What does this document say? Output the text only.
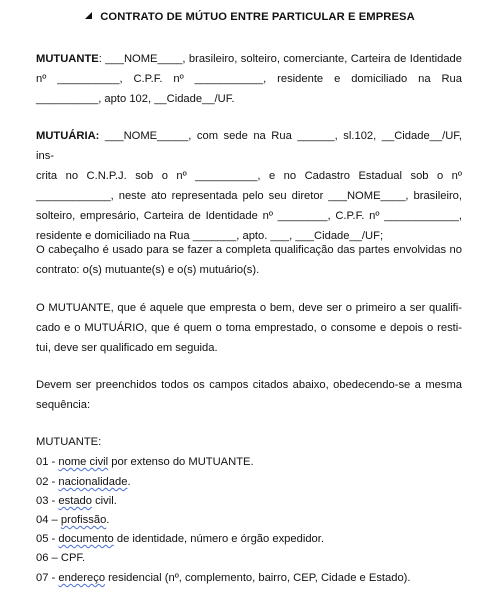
CONTRATO DE MÚTUO ENTRE PARTICULAR E EMPRESA
MUTUANTE: ___NOME____, brasileiro, solteiro, comerciante, Carteira de Identidade
nº __________, C.P.F. nº ___________, residente e domiciliado na Rua
__________, apto 102, __Cidade__/UF.
MUTUÁRIA: ___NOME_____, com sede na Rua ______, sl.102, __Cidade__/UF, ins-
crita no C.N.P.J. sob o nº __________, e no Cadastro Estadual sob o nº
____________, neste ato representada pelo seu diretor ___NOME____, brasileiro,
solteiro, empresário, Carteira de Identidade nº ________, C.P.F. nº ____________,
residente e domiciliado na Rua _______, apto. ___, ___Cidade__/UF;
O cabeçalho é usado para se fazer a completa qualificação das partes envolvidas no
contrato: o(s) mutuante(s) e o(s) mutuário(s).
O MUTUANTE, que é aquele que empresta o bem, deve ser o primeiro a ser qualifi-
cado e o MUTUÁRIO, que é quem o toma emprestado, o consome e depois o resti-
tui, deve ser qualificado em seguida.
Devem ser preenchidos todos os campos citados abaixo, obedecendo-se a mesma
sequência:
MUTUANTE:
01 - nome civil por extenso do MUTUANTE.
02 - nacionalidade.
03 - estado civil.
04 – profissão.
05 - documento de identidade, número e órgão expedidor.
06 – CPF.
07 - endereço residencial (nº, complemento, bairro, CEP, Cidade e Estado).
